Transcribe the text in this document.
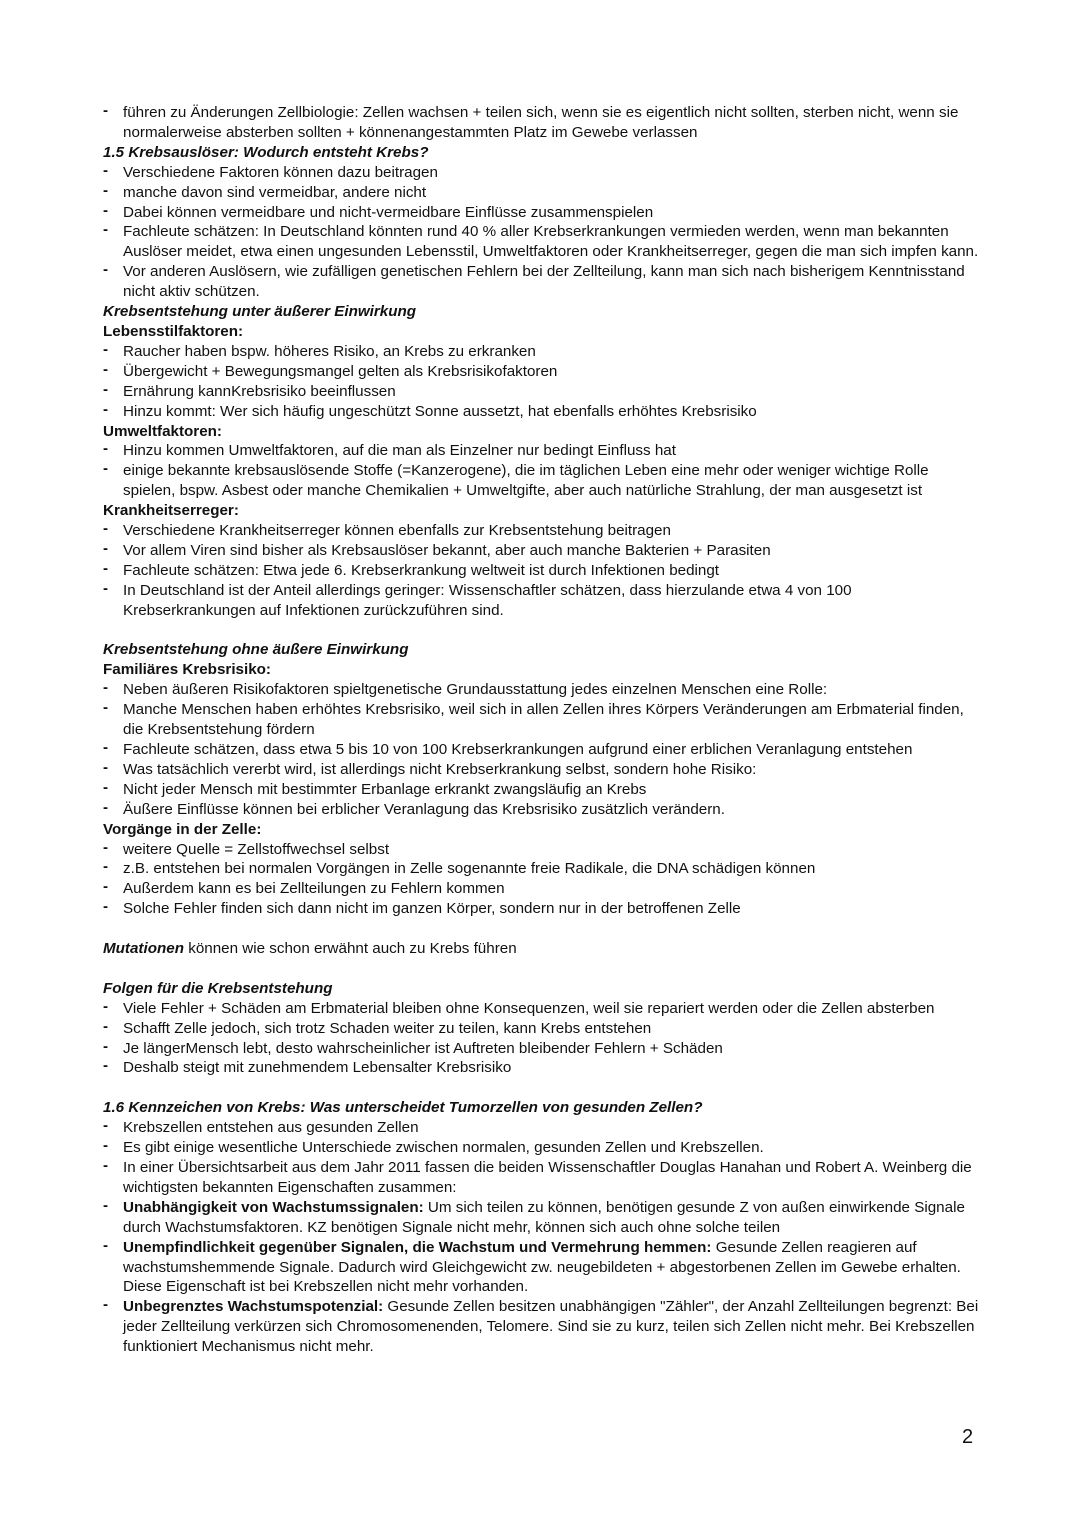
- führen zu Änderungen Zellbiologie: Zellen wachsen + teilen sich, wenn sie es eigentlich nicht sollten, sterben nicht, wenn sie normalerweise absterben sollten + könnenangestammten Platz im Gewebe verlassen

1.5 Krebsauslöser: Wodurch entsteht Krebs?

- Verschiedene Faktoren können dazu beitragen

- manche davon sind vermeidbar, andere nicht

- Dabei können vermeidbare und nicht-vermeidbare Einflüsse zusammenspielen

- Fachleute schätzen: In Deutschland könnten rund 40 % aller Krebserkrankungen vermieden werden, wenn man bekannten Auslöser meidet, etwa einen ungesunden Lebensstil, Umweltfaktoren oder Krankheitserreger, gegen die man sich impfen kann.

- Vor anderen Auslösern, wie zufälligen genetischen Fehlern bei der Zellteilung, kann man sich nach bisherigem Kenntnisstand nicht aktiv schützen.

Krebsentstehung unter äußerer Einwirkung

Lebensstilfaktoren:

- Raucher haben bspw. höheres Risiko, an Krebs zu erkranken

- Übergewicht + Bewegungsmangel gelten als Krebsrisikofaktoren

- Ernährung kannKrebsrisiko beeinflussen

- Hinzu kommt: Wer sich häufig ungeschützt Sonne aussetzt, hat ebenfalls erhöhtes Krebsrisiko

Umweltfaktoren:

- Hinzu kommen Umweltfaktoren, auf die man als Einzelner nur bedingt Einfluss hat

- einige bekannte krebsauslösende Stoffe (=Kanzerogene), die im täglichen Leben eine mehr oder weniger wichtige Rolle spielen, bspw. Asbest oder manche Chemikalien + Umweltgifte, aber auch natürliche Strahlung, der man ausgesetzt ist

Krankheitserreger:

- Verschiedene Krankheitserreger können ebenfalls zur Krebsentstehung beitragen

- Vor allem Viren sind bisher als Krebsauslöser bekannt, aber auch manche Bakterien + Parasiten

- Fachleute schätzen: Etwa jede 6. Krebserkrankung weltweit ist durch Infektionen bedingt

- In Deutschland ist der Anteil allerdings geringer: Wissenschaftler schätzen, dass hierzulande etwa 4 von 100 Krebserkrankungen auf Infektionen zurückzuführen sind.

Krebsentstehung ohne äußere Einwirkung

Familiäres Krebsrisiko:

- Neben äußeren Risikofaktoren spieltgenetische Grundausstattung jedes einzelnen Menschen eine Rolle:

- Manche Menschen haben erhöhtes Krebsrisiko, weil sich in allen Zellen ihres Körpers Veränderungen am Erbmaterial finden, die Krebsentstehung fördern

- Fachleute schätzen, dass etwa 5 bis 10 von 100 Krebserkrankungen aufgrund einer erblichen Veranlagung entstehen

- Was tatsächlich vererbt wird, ist allerdings nicht Krebserkrankung selbst, sondern hohe Risiko:

- Nicht jeder Mensch mit bestimmter Erbanlage erkrankt zwangsläufig an Krebs

- Äußere Einflüsse können bei erblicher Veranlagung das Krebsrisiko zusätzlich verändern.

Vorgänge in der Zelle:

- weitere Quelle = Zellstoffwechsel selbst

- z.B. entstehen bei normalen Vorgängen in Zelle sogenannte freie Radikale, die DNA schädigen können

- Außerdem kann es bei Zellteilungen zu Fehlern kommen

- Solche Fehler finden sich dann nicht im ganzen Körper, sondern nur in der betroffenen Zelle

Mutationen können wie schon erwähnt auch zu Krebs führen

Folgen für die Krebsentstehung

- Viele Fehler + Schäden am Erbmaterial bleiben ohne Konsequenzen, weil sie repariert werden oder die Zellen absterben

- Schafft Zelle jedoch, sich trotz Schaden weiter zu teilen, kann Krebs entstehen

- Je längerMensch lebt, desto wahrscheinlicher ist Auftreten bleibender Fehlern + Schäden

- Deshalb steigt mit zunehmendem Lebensalter Krebsrisiko

1.6 Kennzeichen von Krebs: Was unterscheidet Tumorzellen von gesunden Zellen?

- Krebszellen entstehen aus gesunden Zellen

- Es gibt einige wesentliche Unterschiede zwischen normalen, gesunden Zellen und Krebszellen.

- In einer Übersichtsarbeit aus dem Jahr 2011 fassen die beiden Wissenschaftler Douglas Hanahan und Robert A. Weinberg die wichtigsten bekannten Eigenschaften zusammen:

- Unabhängigkeit von Wachstumssignalen: Um sich teilen zu können, benötigen gesunde Z von außen einwirkende Signale durch Wachstumsfaktoren. KZ benötigen Signale nicht mehr, können sich auch ohne solche teilen

- Unempfindlichkeit gegenüber Signalen, die Wachstum und Vermehrung hemmen: Gesunde Zellen reagieren auf wachstumshemmende Signale. Dadurch wird Gleichgewicht zw. neugebildeten + abgestorbenen Zellen im Gewebe erhalten. Diese Eigenschaft ist bei Krebszellen nicht mehr vorhanden.

- Unbegrenztes Wachstumspotenzial: Gesunde Zellen besitzen unabhängigen "Zähler", der Anzahl Zellteilungen begrenzt: Bei jeder Zellteilung verkürzen sich Chromosomenenden, Telomere. Sind sie zu kurz, teilen sich Zellen nicht mehr. Bei Krebszellen funktioniert Mechanismus nicht mehr.

2
